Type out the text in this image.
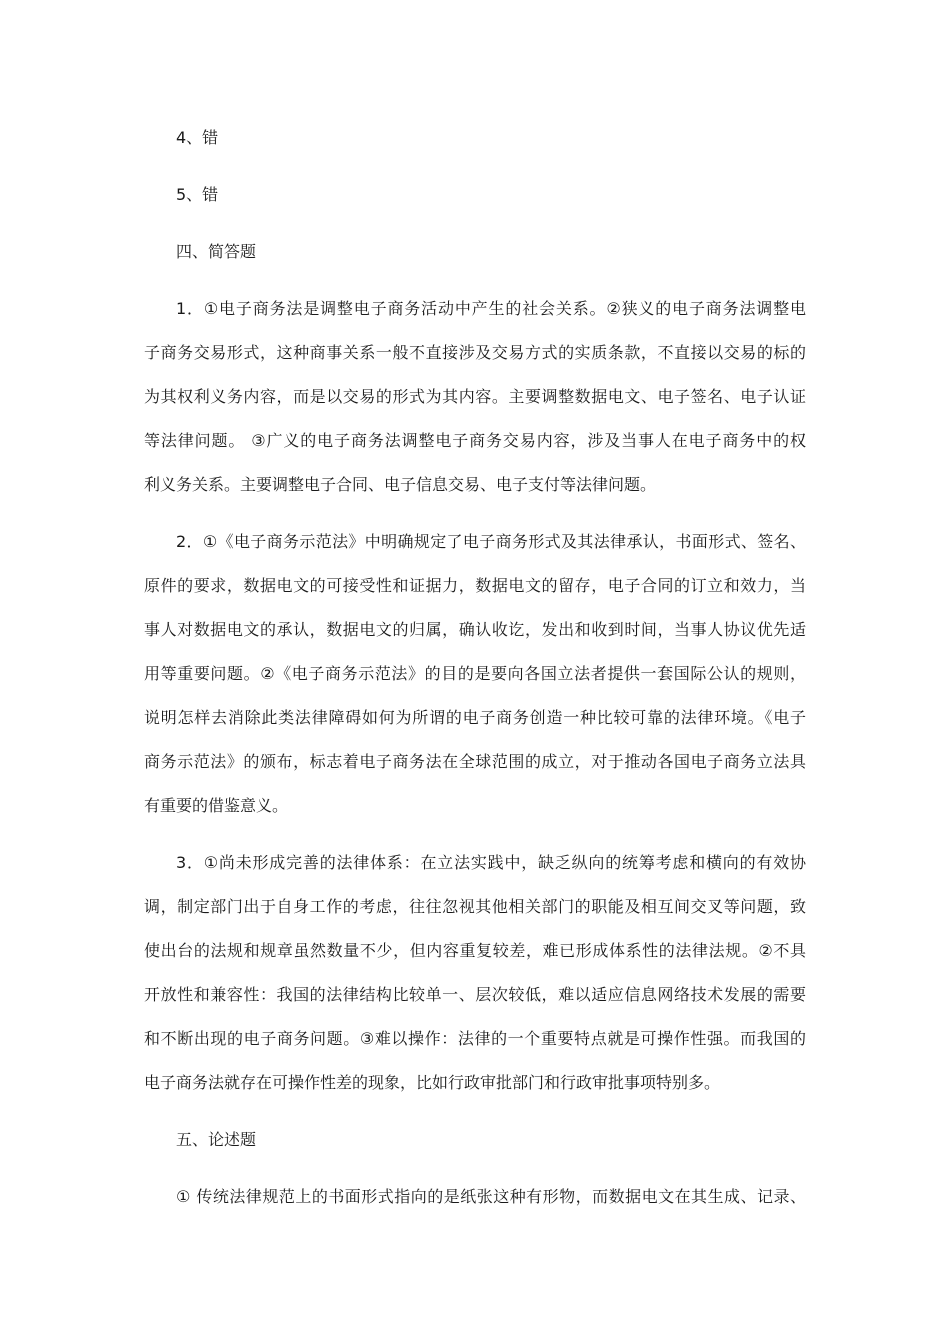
4、错
5、错
四、简答题
1．①电子商务法是调整电子商务活动中产生的社会关系。②狭义的电子商务法调整电
子商务交易形式，这种商事关系一般不直接涉及交易方式的实质条款，不直接以交易的标的
为其权利义务内容，而是以交易的形式为其内容。主要调整数据电文、电子签名、电子认证
等法律问题。 ③广义的电子商务法调整电子商务交易内容，涉及当事人在电子商务中的权
利义务关系。主要调整电子合同、电子信息交易、电子支付等法律问题。
2．①《电子商务示范法》中明确规定了电子商务形式及其法律承认，书面形式、签名、
原件的要求，数据电文的可接受性和证据力，数据电文的留存，电子合同的订立和效力，当
事人对数据电文的承认，数据电文的归属，确认收讫，发出和收到时间，当事人协议优先适
用等重要问题。②《电子商务示范法》的目的是要向各国立法者提供一套国际公认的规则，
说明怎样去消除此类法律障碍如何为所谓的电子商务创造一种比较可靠的法律环境。《电子
商务示范法》的颁布，标志着电子商务法在全球范围的成立，对于推动各国电子商务立法具
有重要的借鉴意义。
3．①尚未形成完善的法律体系：在立法实践中，缺乏纵向的统筹考虑和横向的有效协
调，制定部门出于自身工作的考虑，往往忽视其他相关部门的职能及相互间交叉等问题，致
使出台的法规和规章虽然数量不少，但内容重复较差，难已形成体系性的法律法规。②不具
开放性和兼容性：我国的法律结构比较单一、层次较低，难以适应信息网络技术发展的需要
和不断出现的电子商务问题。③难以操作：法律的一个重要特点就是可操作性强。而我国的
电子商务法就存在可操作性差的现象，比如行政审批部门和行政审批事项特别多。
五、论述题
① 传统法律规范上的书面形式指向的是纸张这种有形物，而数据电文在其生成、记录、
